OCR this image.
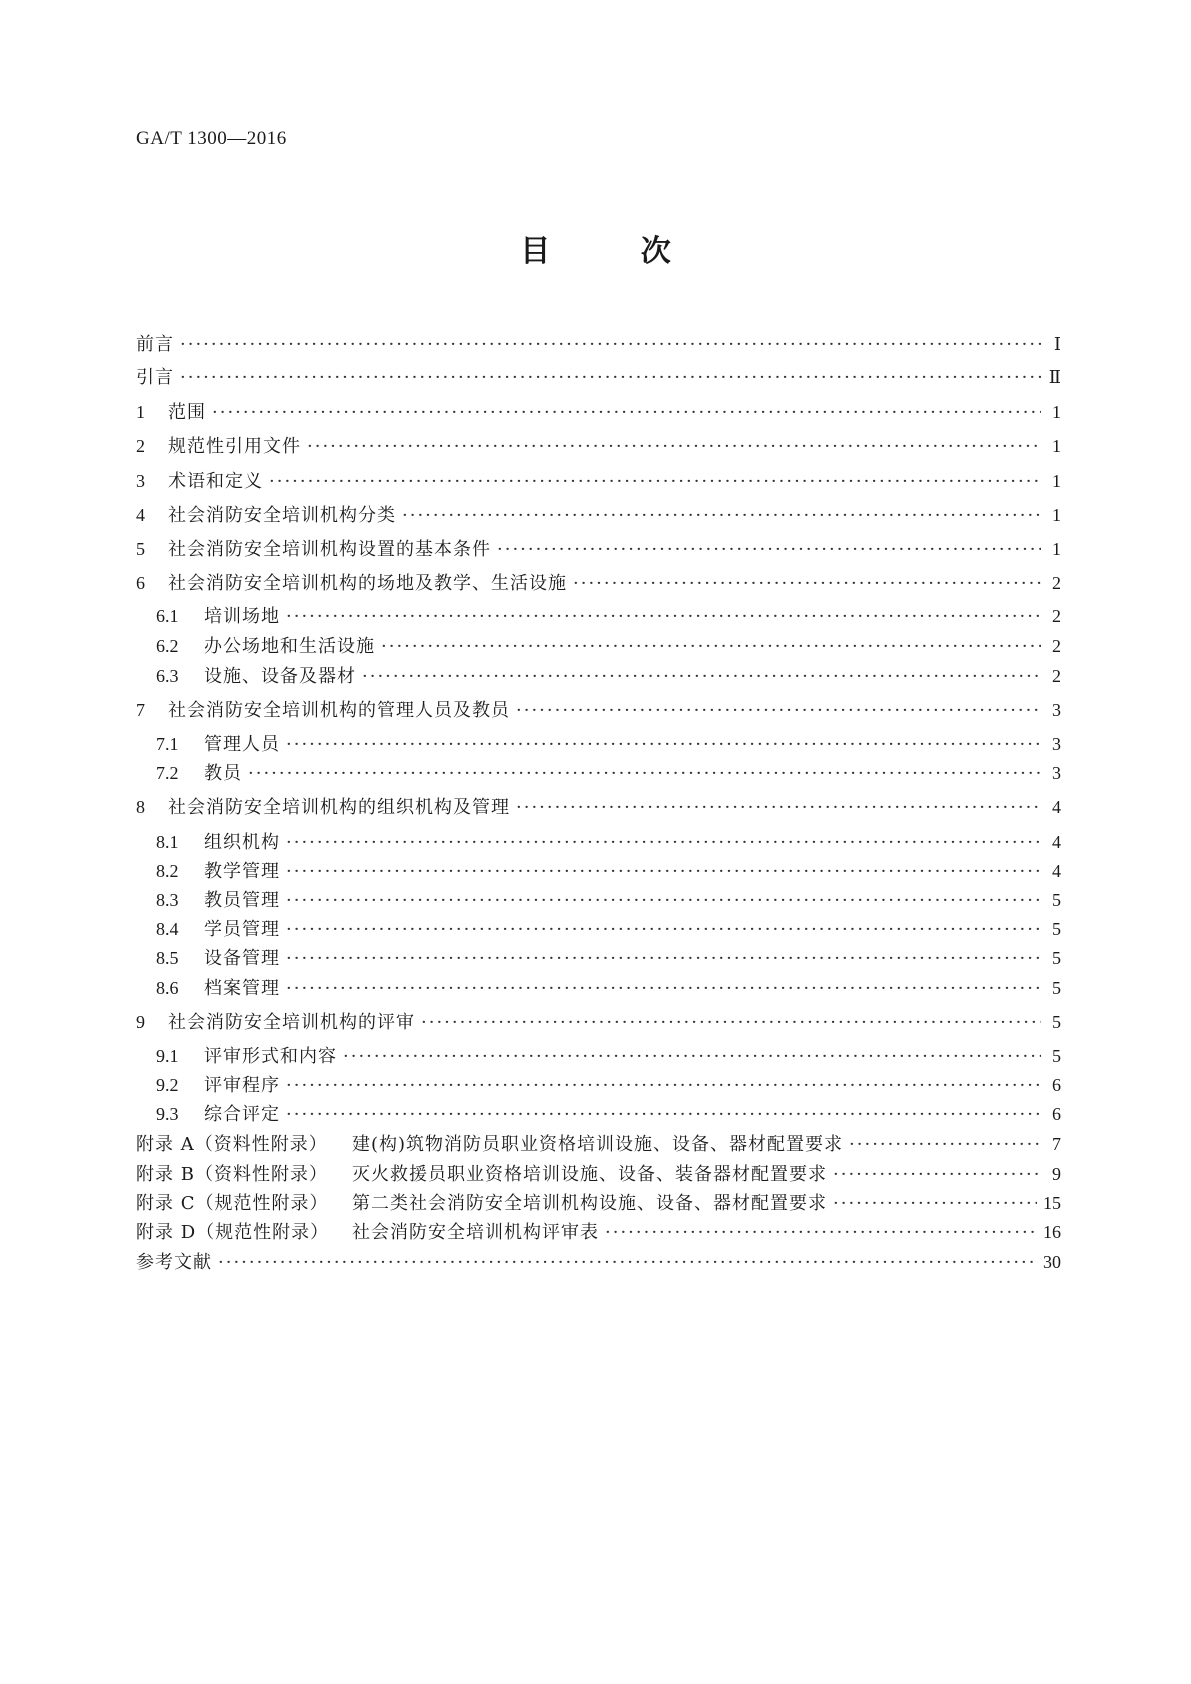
GA/T 1300—2016
目 次
前言 ·····	Ⅰ
引言 ·····	Ⅱ
1	范围 ·····	1
2	规范性引用文件 ·····	1
3	术语和定义 ·····	1
4	社会消防安全培训机构分类 ·····	1
5	社会消防安全培训机构设置的基本条件 ·····	1
6	社会消防安全培训机构的场地及教学、生活设施 ·····	2
6.1	培训场地 ·····	2
6.2	办公场地和生活设施 ·····	2
6.3	设施、设备及器材 ·····	2
7	社会消防安全培训机构的管理人员及教员 ·····	3
7.1	管理人员 ·····	3
7.2	教员 ·····	3
8	社会消防安全培训机构的组织机构及管理 ·····	4
8.1	组织机构 ·····	4
8.2	教学管理 ·····	4
8.3	教员管理 ·····	5
8.4	学员管理 ·····	5
8.5	设备管理 ·····	5
8.6	档案管理 ·····	5
9	社会消防安全培训机构的评审 ·····	5
9.1	评审形式和内容 ·····	5
9.2	评审程序 ·····	6
9.3	综合评定 ·····	6
附录 A（资料性附录）	建(构)筑物消防员职业资格培训设施、设备、器材配置要求 ·····	7
附录 B（资料性附录）	灭火救援员职业资格培训设施、设备、装备器材配置要求 ·····	9
附录 C（规范性附录）	第二类社会消防安全培训机构设施、设备、器材配置要求 ·····	15
附录 D（规范性附录）	社会消防安全培训机构评审表 ·····	16
参考文献 ·····	30
